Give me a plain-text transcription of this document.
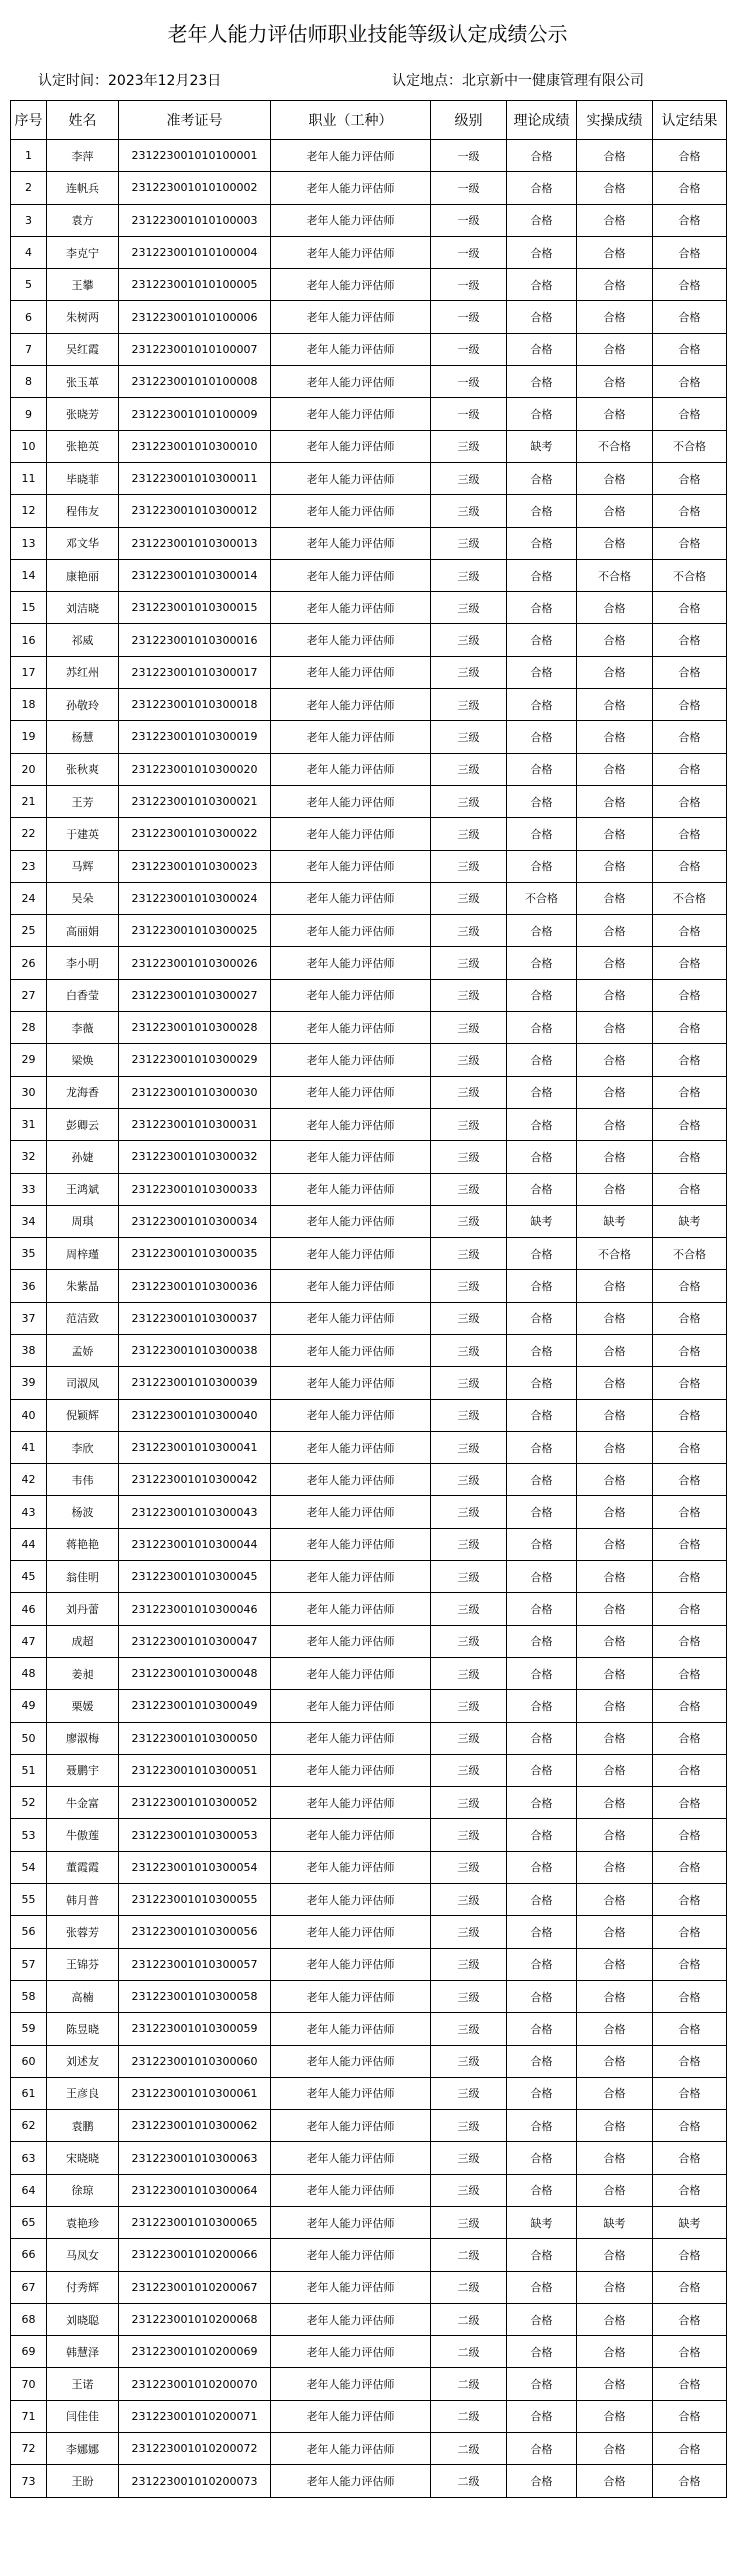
老年人能力评估师职业技能等级认定成绩公示
认定时间：2023年12月23日	认定地点：北京新中一健康管理有限公司
序号	姓名	准考证号	职业（工种）	级别	理论成绩	实操成绩	认定结果
1	李萍	231223001010100001	老年人能力评估师	一级	合格	合格	合格
2	连帆兵	231223001010100002	老年人能力评估师	一级	合格	合格	合格
3	袁方	231223001010100003	老年人能力评估师	一级	合格	合格	合格
4	李克宁	231223001010100004	老年人能力评估师	一级	合格	合格	合格
5	王攀	231223001010100005	老年人能力评估师	一级	合格	合格	合格
6	朱树两	231223001010100006	老年人能力评估师	一级	合格	合格	合格
7	吴红霞	231223001010100007	老年人能力评估师	一级	合格	合格	合格
8	张玉革	231223001010100008	老年人能力评估师	一级	合格	合格	合格
9	张晓芳	231223001010100009	老年人能力评估师	一级	合格	合格	合格
10	张艳英	231223001010300010	老年人能力评估师	三级	缺考	不合格	不合格
11	毕晓菲	231223001010300011	老年人能力评估师	三级	合格	合格	合格
12	程伟友	231223001010300012	老年人能力评估师	三级	合格	合格	合格
13	邓文华	231223001010300013	老年人能力评估师	三级	合格	合格	合格
14	康艳丽	231223001010300014	老年人能力评估师	三级	合格	不合格	不合格
15	刘洁晓	231223001010300015	老年人能力评估师	三级	合格	合格	合格
16	祁威	231223001010300016	老年人能力评估师	三级	合格	合格	合格
17	苏红州	231223001010300017	老年人能力评估师	三级	合格	合格	合格
18	孙敬玲	231223001010300018	老年人能力评估师	三级	合格	合格	合格
19	杨慧	231223001010300019	老年人能力评估师	三级	合格	合格	合格
20	张秋爽	231223001010300020	老年人能力评估师	三级	合格	合格	合格
21	王芳	231223001010300021	老年人能力评估师	三级	合格	合格	合格
22	于建英	231223001010300022	老年人能力评估师	三级	合格	合格	合格
23	马辉	231223001010300023	老年人能力评估师	三级	合格	合格	合格
24	吴朵	231223001010300024	老年人能力评估师	三级	不合格	合格	不合格
25	高丽娟	231223001010300025	老年人能力评估师	三级	合格	合格	合格
26	李小明	231223001010300026	老年人能力评估师	三级	合格	合格	合格
27	白香莹	231223001010300027	老年人能力评估师	三级	合格	合格	合格
28	李薇	231223001010300028	老年人能力评估师	三级	合格	合格	合格
29	梁焕	231223001010300029	老年人能力评估师	三级	合格	合格	合格
30	龙海香	231223001010300030	老年人能力评估师	三级	合格	合格	合格
31	彭卿云	231223001010300031	老年人能力评估师	三级	合格	合格	合格
32	孙婕	231223001010300032	老年人能力评估师	三级	合格	合格	合格
33	王鸿斌	231223001010300033	老年人能力评估师	三级	合格	合格	合格
34	周琪	231223001010300034	老年人能力评估师	三级	缺考	缺考	缺考
35	周梓瑾	231223001010300035	老年人能力评估师	三级	合格	不合格	不合格
36	朱紫晶	231223001010300036	老年人能力评估师	三级	合格	合格	合格
37	范洁致	231223001010300037	老年人能力评估师	三级	合格	合格	合格
38	孟娇	231223001010300038	老年人能力评估师	三级	合格	合格	合格
39	司淑凤	231223001010300039	老年人能力评估师	三级	合格	合格	合格
40	倪颖辉	231223001010300040	老年人能力评估师	三级	合格	合格	合格
41	李欣	231223001010300041	老年人能力评估师	三级	合格	合格	合格
42	韦伟	231223001010300042	老年人能力评估师	三级	合格	合格	合格
43	杨波	231223001010300043	老年人能力评估师	三级	合格	合格	合格
44	蒋艳艳	231223001010300044	老年人能力评估师	三级	合格	合格	合格
45	翁佳明	231223001010300045	老年人能力评估师	三级	合格	合格	合格
46	刘丹蕾	231223001010300046	老年人能力评估师	三级	合格	合格	合格
47	成超	231223001010300047	老年人能力评估师	三级	合格	合格	合格
48	姜昶	231223001010300048	老年人能力评估师	三级	合格	合格	合格
49	栗媛	231223001010300049	老年人能力评估师	三级	合格	合格	合格
50	廖淑梅	231223001010300050	老年人能力评估师	三级	合格	合格	合格
51	聂鹏宇	231223001010300051	老年人能力评估师	三级	合格	合格	合格
52	牛金富	231223001010300052	老年人能力评估师	三级	合格	合格	合格
53	牛傲莲	231223001010300053	老年人能力评估师	三级	合格	合格	合格
54	董霞霞	231223001010300054	老年人能力评估师	三级	合格	合格	合格
55	韩月普	231223001010300055	老年人能力评估师	三级	合格	合格	合格
56	张蓉芳	231223001010300056	老年人能力评估师	三级	合格	合格	合格
57	王锦芬	231223001010300057	老年人能力评估师	三级	合格	合格	合格
58	高楠	231223001010300058	老年人能力评估师	三级	合格	合格	合格
59	陈昱晓	231223001010300059	老年人能力评估师	三级	合格	合格	合格
60	刘述友	231223001010300060	老年人能力评估师	三级	合格	合格	合格
61	王彦良	231223001010300061	老年人能力评估师	三级	合格	合格	合格
62	袁鹏	231223001010300062	老年人能力评估师	三级	合格	合格	合格
63	宋晓晓	231223001010300063	老年人能力评估师	三级	合格	合格	合格
64	徐琼	231223001010300064	老年人能力评估师	三级	合格	合格	合格
65	袁艳珍	231223001010300065	老年人能力评估师	三级	缺考	缺考	缺考
66	马凤女	231223001010200066	老年人能力评估师	二级	合格	合格	合格
67	付秀辉	231223001010200067	老年人能力评估师	二级	合格	合格	合格
68	刘晓聪	231223001010200068	老年人能力评估师	二级	合格	合格	合格
69	韩慧泽	231223001010200069	老年人能力评估师	二级	合格	合格	合格
70	王诺	231223001010200070	老年人能力评估师	二级	合格	合格	合格
71	闫佳佳	231223001010200071	老年人能力评估师	二级	合格	合格	合格
72	李娜娜	231223001010200072	老年人能力评估师	二级	合格	合格	合格
73	王盼	231223001010200073	老年人能力评估师	二级	合格	合格	合格
